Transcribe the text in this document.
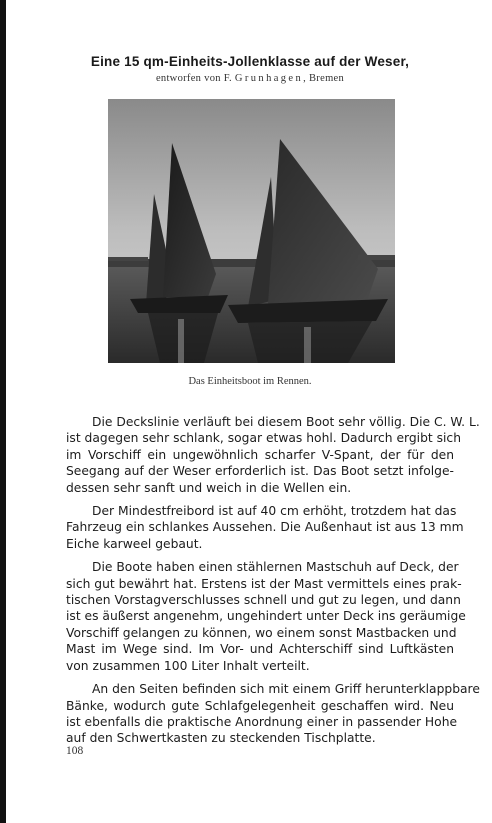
Eine 15 qm-Einheits-Jollenklasse auf der Weser,
entworfen von F. Grunhagen, Bremen
Das Einheitsboot im Rennen.

Die Deckslinie verläuft bei diesem Boot sehr völlig. Die C. W. L.
ist dagegen sehr schlank, sogar etwas hohl. Dadurch ergibt sich
im Vorschiff ein ungewöhnlich scharfer V-Spant, der für den
Seegang auf der Weser erforderlich ist. Das Boot setzt infolge-
dessen sehr sanft und weich in die Wellen ein.

Der Mindestfreibord ist auf 40 cm erhöht, trotzdem hat das
Fahrzeug ein schlankes Aussehen. Die Außenhaut ist aus 13 mm
Eiche karweel gebaut.

Die Boote haben einen stählernen Mastschuh auf Deck, der
sich gut bewährt hat. Erstens ist der Mast vermittels eines prak-
tischen Vorstagverschlusses schnell und gut zu legen, und dann
ist es äußerst angenehm, ungehindert unter Deck ins geräumige
Vorschiff gelangen zu können, wo einem sonst Mastbacken und
Mast im Wege sind. Im Vor- und Achterschiff sind Luftkästen
von zusammen 100 Liter Inhalt verteilt.

An den Seiten befinden sich mit einem Griff herunterklappbare
Bänke, wodurch gute Schlafgelegenheit geschaffen wird. Neu
ist ebenfalls die praktische Anordnung einer in passender Hohe
auf den Schwertkasten zu steckenden Tischplatte.

108
